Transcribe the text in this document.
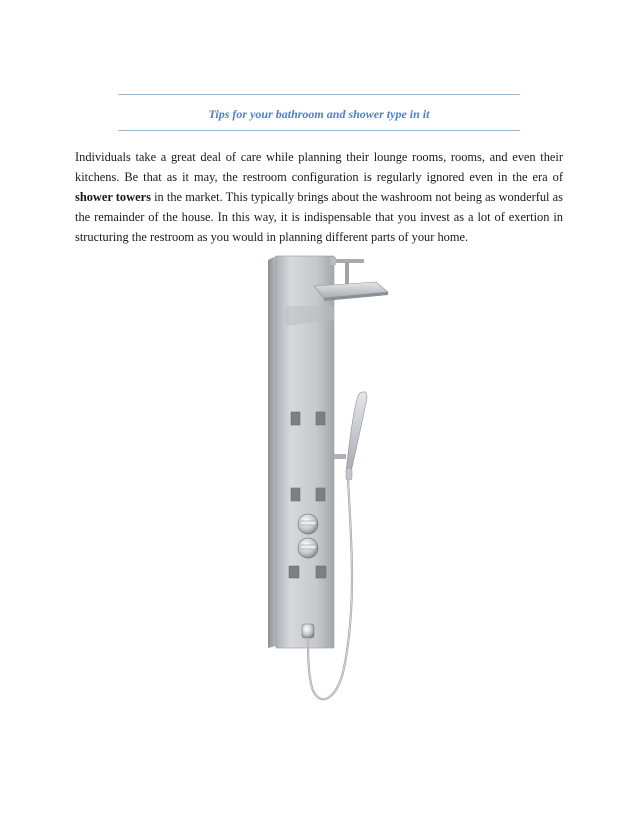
Tips for your bathroom and shower type in it

Individuals take a great deal of care while planning their lounge rooms, rooms, and even their kitchens. Be that as it may, the restroom configuration is regularly ignored even in the era of shower towers in the market. This typically brings about the washroom not being as wonderful as the remainder of the house. In this way, it is indispensable that you invest as a lot of exertion in structuring the restroom as you would in planning different parts of your home.
